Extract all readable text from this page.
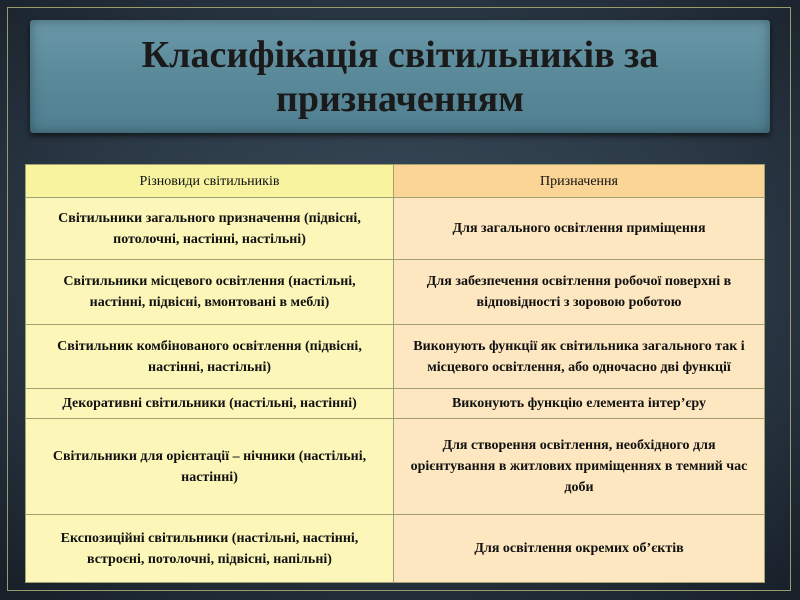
Класифікація світильників за призначенням
Різновиди світильників	Призначення
Світильники загального призначення (підвісні, потолочні, настінні, настільні)	Для загального освітлення приміщення
Світильники місцевого освітлення (настільні, настінні, підвісні, вмонтовані в меблі)	Для забезпечення освітлення робочої поверхні в відповідності з зоровою роботою
Світильник комбінованого освітлення (підвісні, настінні, настільні)	Виконують функції як світильника загального так і місцевого освітлення, або одночасно дві функції
Декоративні світильники (настільні, настінні)	Виконують функцію елемента інтер’єру
Світильники для орієнтації – нічники (настільні, настінні)	Для створення освітлення, необхідного для орієнтування в житлових приміщеннях в темний час доби
Експозиційні світильники (настільні, настінні, встроєні, потолочні, підвісні, напільні)	Для освітлення окремих об’єктів
